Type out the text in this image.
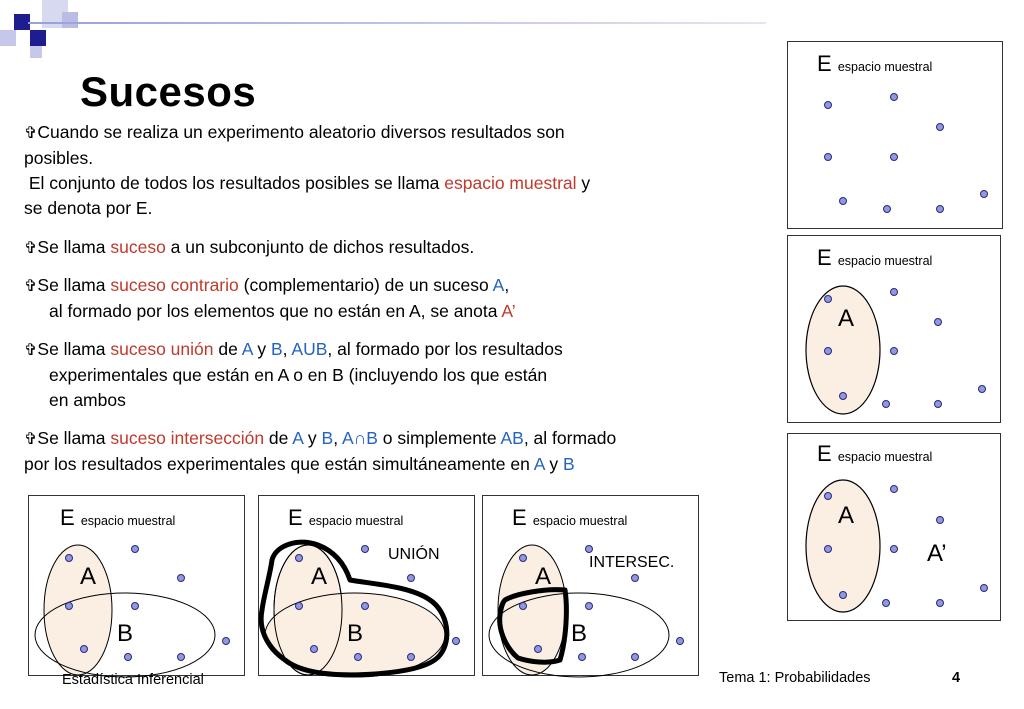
Sucesos
✞Cuando se realiza un experimento aleatorio diversos resultados son
posibles.
El conjunto de todos los resultados posibles se llama espacio muestral y
se denota por E.
✞Se llama suceso a un subconjunto de dichos resultados.
✞Se llama suceso contrario (complementario) de un suceso A,
al formado por los elementos que no están en A, se anota A’
✞Se llama suceso unión de A y B, AUB, al formado por los resultados
experimentales que están en A o en B (incluyendo los que están
en ambos
✞Se llama suceso intersección de A y B, A∩B o simplemente AB, al formado
por los resultados experimentales que están simultáneamente en A y B
E espacio muestral
E espacio muestral
E espacio muestral
E espacio muestral	E espacio muestral	E espacio muestral
A
A
A’
A
B
A
B
UNIÓN
A
B
INTERSEC.
Estadística Inferencial	Tema 1: Probabilidades	4
